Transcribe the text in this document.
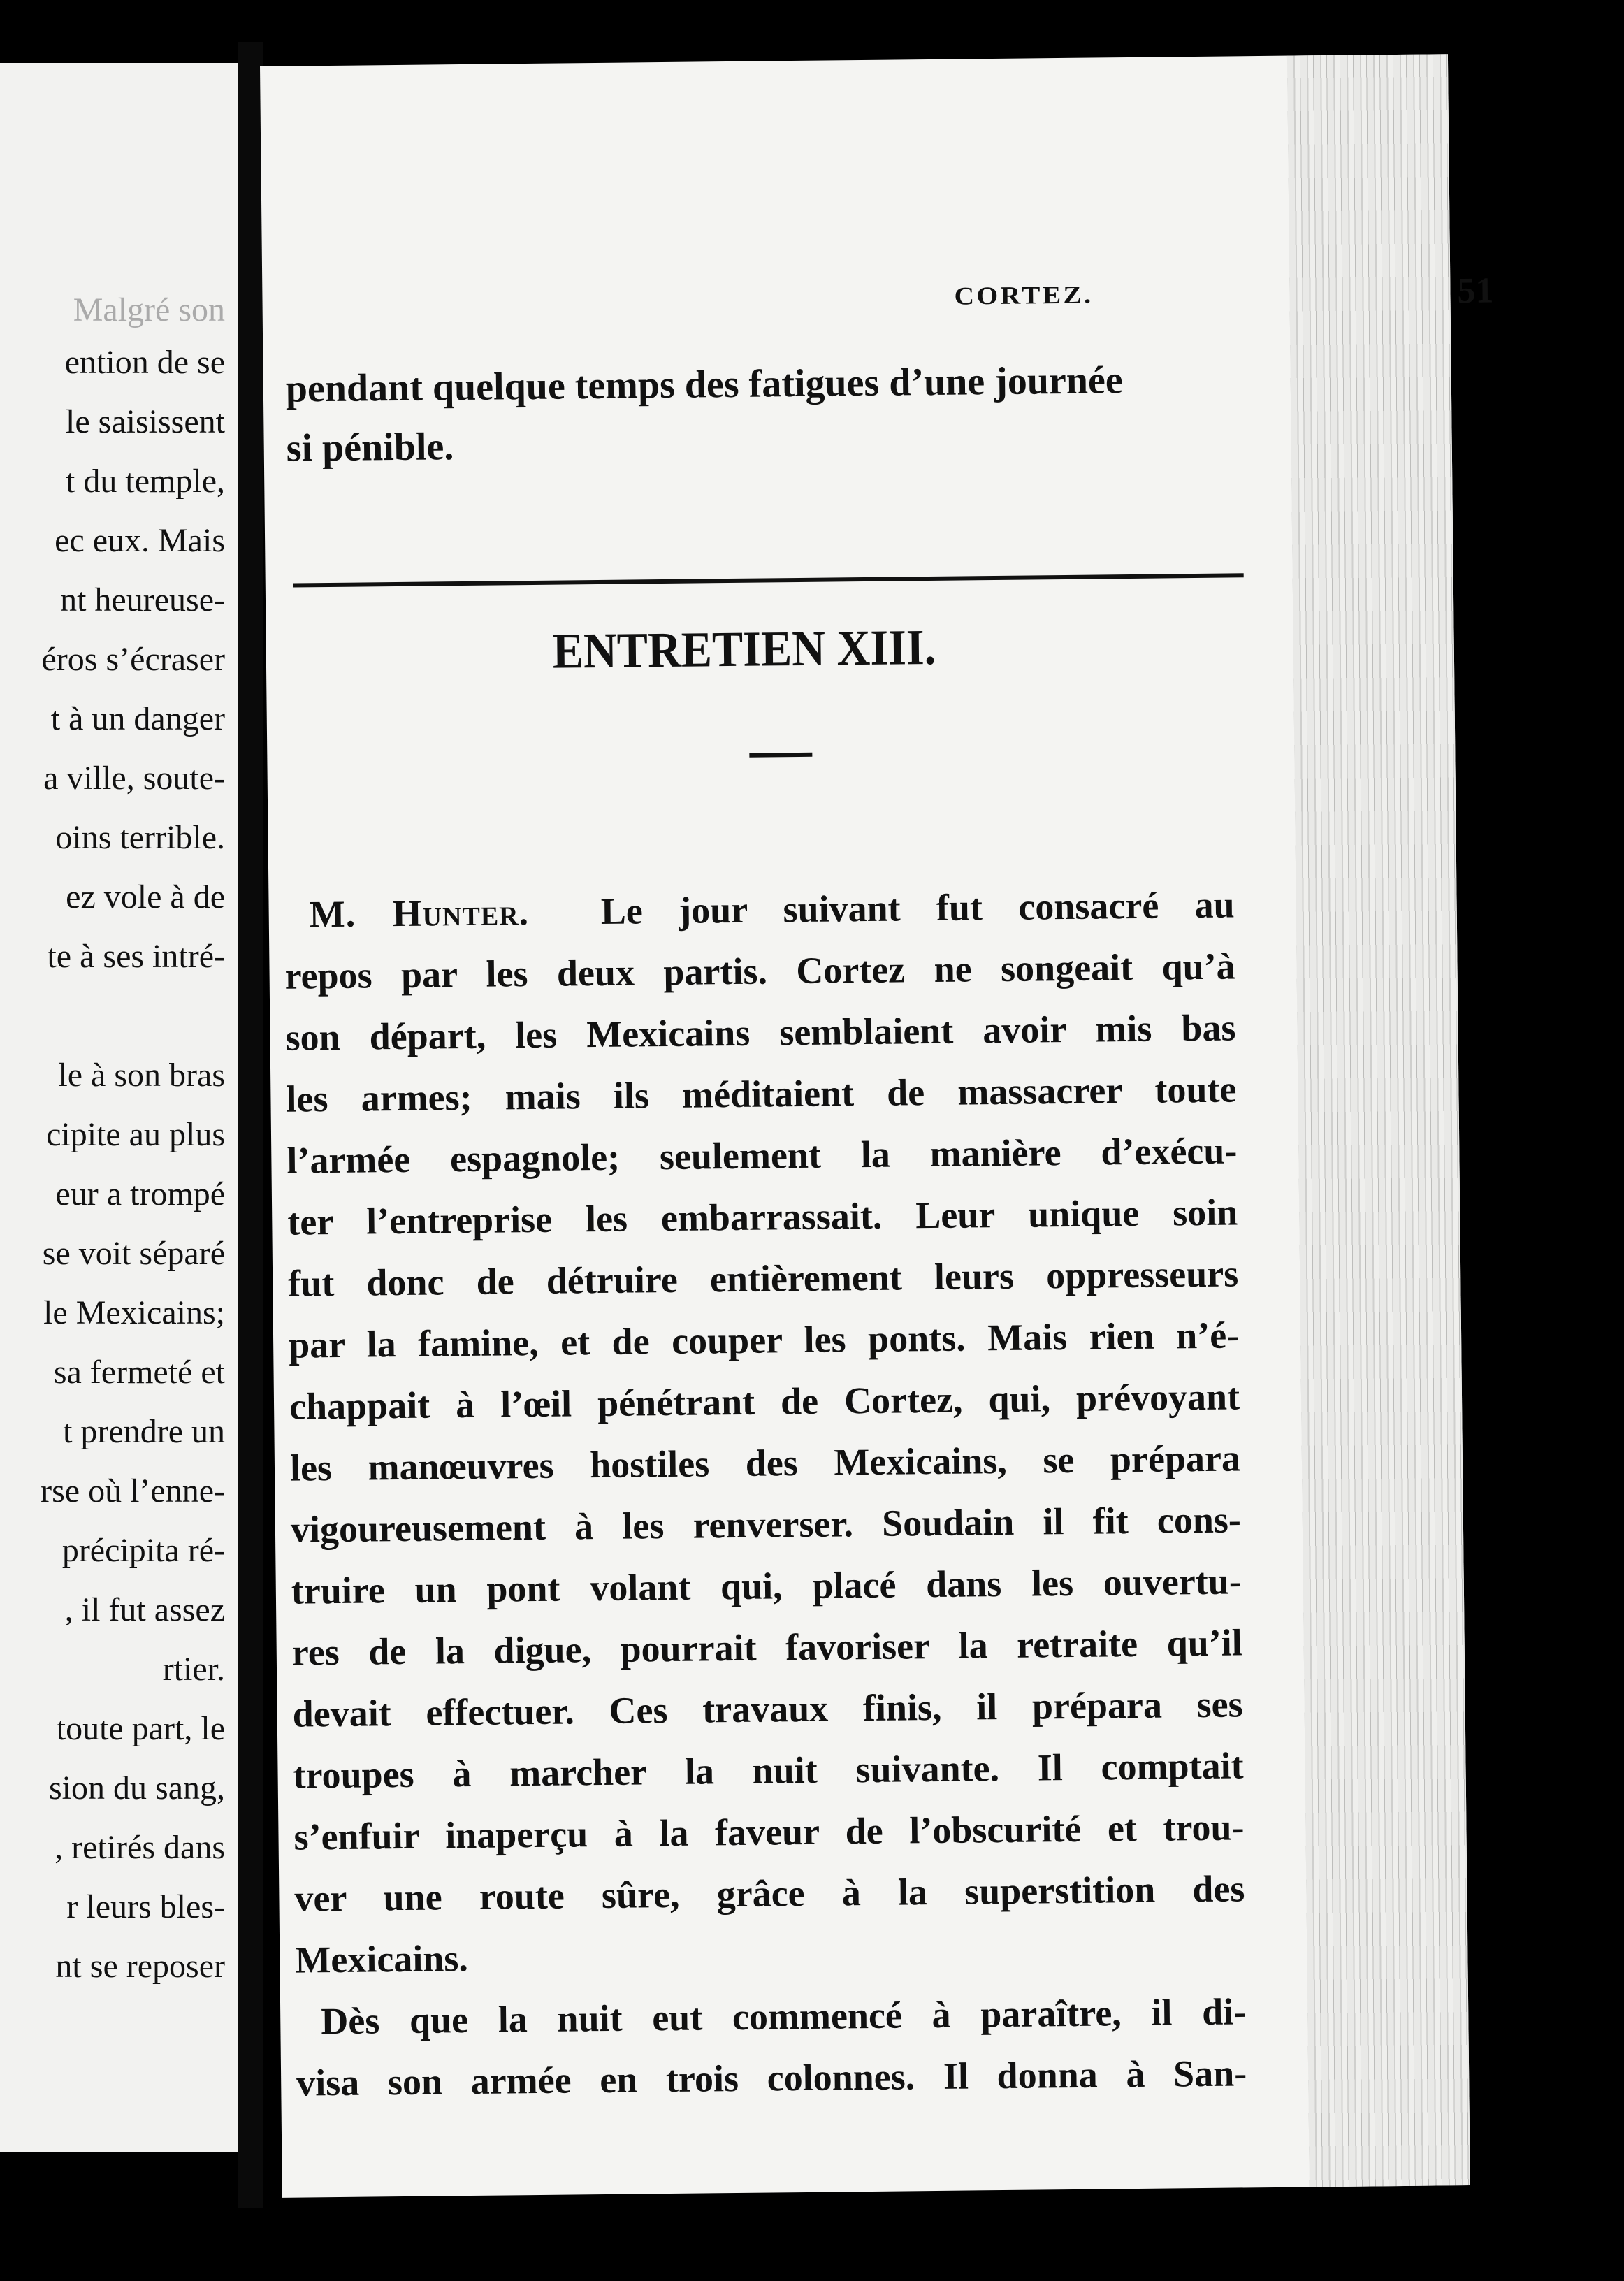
Malgré son
ention de se
le saisissent
t du temple,
ec eux. Mais
nt heureuse-
éros s’écraser
t à un danger
a ville, soute-
oins terrible.
ez vole à de
te à ses intré-
le à son bras
cipite au plus
eur a trompé
se voit séparé
le Mexicains;
sa fermeté et
t prendre un
rse où l’enne-
précipita ré-
, il fut assez
rtier.
toute part, le
sion du sang,
, retirés dans
r leurs bles-
nt se reposer
CORTEZ.	51
pendant quelque temps des fatigues d’une journée
si pénible.
ENTRETIEN XIII.
M. Hunter. Le jour suivant fut consacré au
repos par les deux partis. Cortez ne songeait qu’à
son départ, les Mexicains semblaient avoir mis bas
les armes; mais ils méditaient de massacrer toute
l’armée espagnole; seulement la manière d’exécu-
ter l’entreprise les embarrassait. Leur unique soin
fut donc de détruire entièrement leurs oppresseurs
par la famine, et de couper les ponts. Mais rien n’é-
chappait à l’œil pénétrant de Cortez, qui, prévoyant
les manœuvres hostiles des Mexicains, se prépara
vigoureusement à les renverser. Soudain il fit cons-
truire un pont volant qui, placé dans les ouvertu-
res de la digue, pourrait favoriser la retraite qu’il
devait effectuer. Ces travaux finis, il prépara ses
troupes à marcher la nuit suivante. Il comptait
s’enfuir inaperçu à la faveur de l’obscurité et trou-
ver une route sûre, grâce à la superstition des
Mexicains.
Dès que la nuit eut commencé à paraître, il di-
visa son armée en trois colonnes. Il donna à San-
